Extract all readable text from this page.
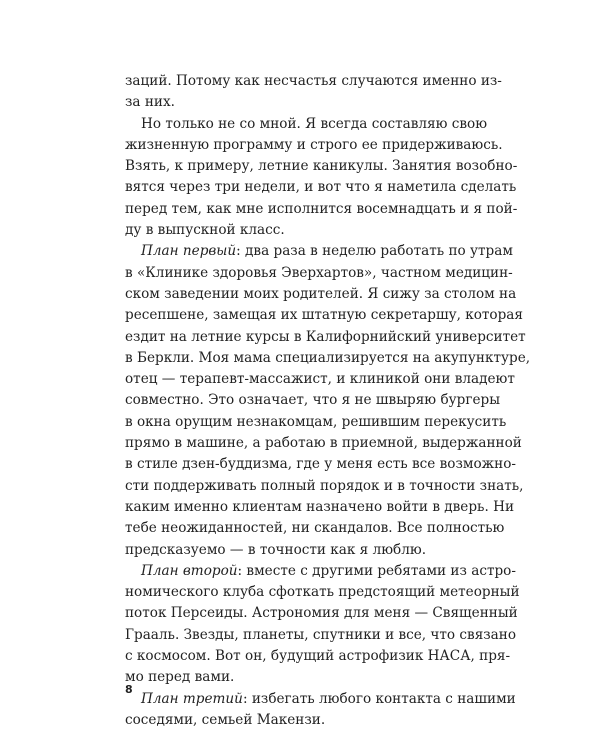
заций. Потому как несчастья случаются именно из-
за них.
Но только не со мной. Я всегда составляю свою
жизненную программу и строго ее придерживаюсь.
Взять, к примеру, летние каникулы. Занятия возобно-
вятся через три недели, и вот что я наметила сделать
перед тем, как мне исполнится восемнадцать и я пой-
ду в выпускной класс.
План первый: два раза в неделю работать по утрам
в «Клинике здоровья Эверхартов», частном медицин-
ском заведении моих родителей. Я сижу за столом на
ресепшене, замещая их штатную секретаршу, которая
ездит на летние курсы в Калифорнийский университет
в Беркли. Моя мама специализируется на акупунктуре,
отец — терапевт-массажист, и клиникой они владеют
совместно. Это означает, что я не швыряю бургеры
в окна орущим незнакомцам, решившим перекусить
прямо в машине, а работаю в приемной, выдержанной
в стиле дзен-буддизма, где у меня есть все возможно-
сти поддерживать полный порядок и в точности знать,
каким именно клиентам назначено войти в дверь. Ни
тебе неожиданностей, ни скандалов. Все полностью
предсказуемо — в точности как я люблю.
План второй: вместе с другими ребятами из астро-
номического клуба сфоткать предстоящий метеорный
поток Персеиды. Астрономия для меня — Священный
Грааль. Звезды, планеты, спутники и все, что связано
с космосом. Вот он, будущий астрофизик НАСА, пря-
мо перед вами.
План третий: избегать любого контакта с нашими
соседями, семьей Макензи.
8
